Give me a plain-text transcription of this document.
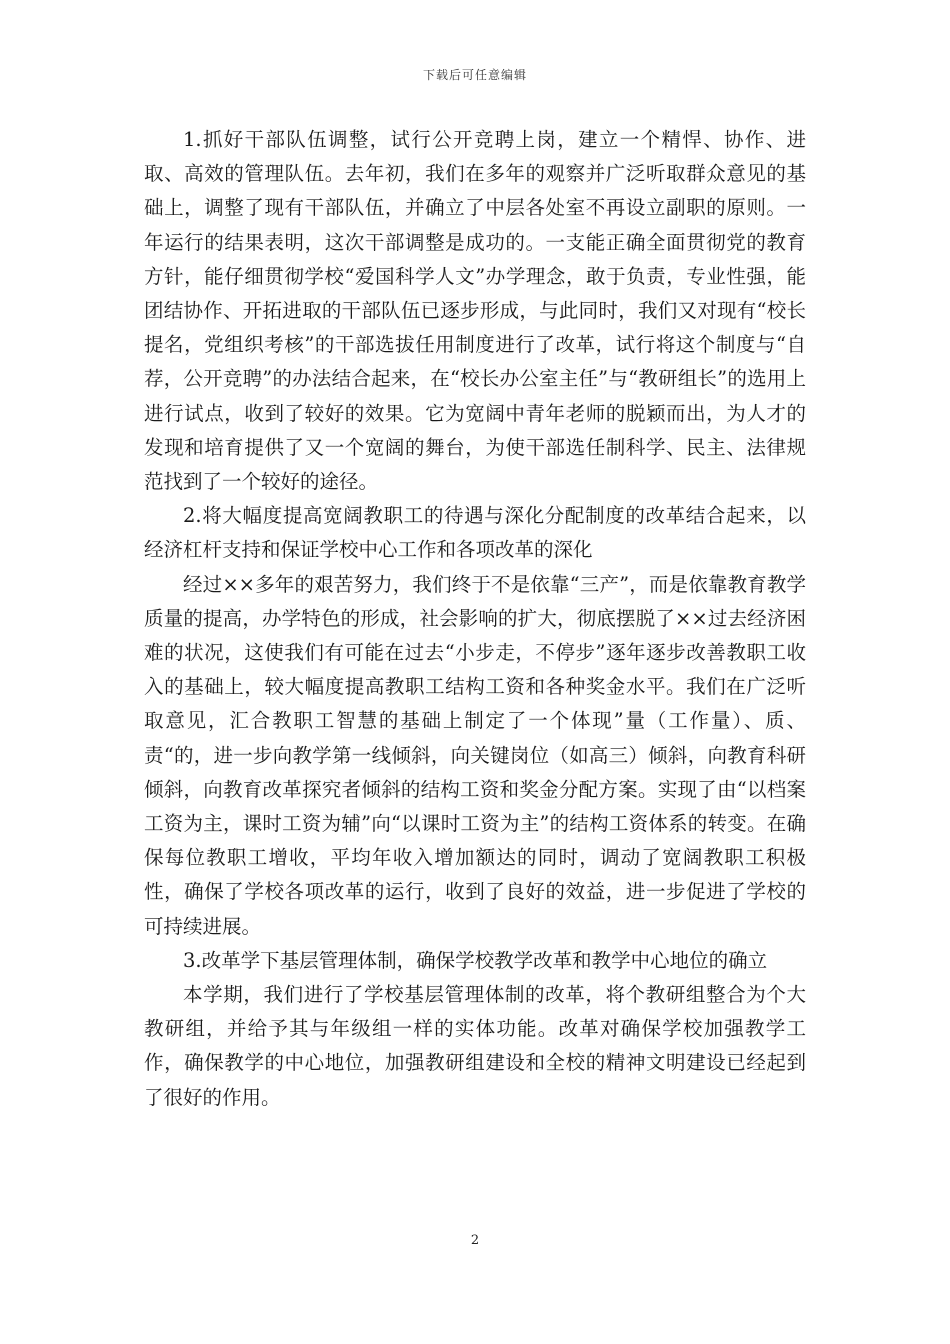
下载后可任意编辑

1.抓好干部队伍调整，试行公开竞聘上岗，建立一个精悍、协作、进取、高效的管理队伍。去年初，我们在多年的观察并广泛听取群众意见的基础上，调整了现有干部队伍，并确立了中层各处室不再设立副职的原则。一年运行的结果表明，这次干部调整是成功的。一支能正确全面贯彻党的教育方针，能仔细贯彻学校“爱国科学人文”办学理念，敢于负责，专业性强，能团结协作、开拓进取的干部队伍已逐步形成，与此同时，我们又对现有“校长提名，党组织考核”的干部选拔任用制度进行了改革，试行将这个制度与“自荐，公开竞聘”的办法结合起来，在“校长办公室主任”与“教研组长”的选用上进行试点，收到了较好的效果。它为宽阔中青年老师的脱颖而出，为人才的发现和培育提供了又一个宽阔的舞台，为使干部选任制科学、民主、法律规范找到了一个较好的途径。

2.将大幅度提高宽阔教职工的待遇与深化分配制度的改革结合起来，以经济杠杆支持和保证学校中心工作和各项改革的深化

经过××多年的艰苦努力，我们终于不是依靠“三产”，而是依靠教育教学质量的提高，办学特色的形成，社会影响的扩大，彻底摆脱了××过去经济困难的状况，这使我们有可能在过去“小步走，不停步”逐年逐步改善教职工收入的基础上，较大幅度提高教职工结构工资和各种奖金水平。我们在广泛听取意见，汇合教职工智慧的基础上制定了一个体现”量（工作量）、质、责“的，进一步向教学第一线倾斜，向关键岗位（如高三）倾斜，向教育科研倾斜，向教育改革探究者倾斜的结构工资和奖金分配方案。实现了由“以档案工资为主，课时工资为辅”向“以课时工资为主”的结构工资体系的转变。在确保每位教职工增收，平均年收入增加额达的同时，调动了宽阔教职工积极性，确保了学校各项改革的运行，收到了良好的效益，进一步促进了学校的可持续进展。

3.改革学下基层管理体制，确保学校教学改革和教学中心地位的确立

本学期，我们进行了学校基层管理体制的改革，将个教研组整合为个大教研组，并给予其与年级组一样的实体功能。改革对确保学校加强教学工作，确保教学的中心地位，加强教研组建设和全校的精神文明建设已经起到了很好的作用。

2
